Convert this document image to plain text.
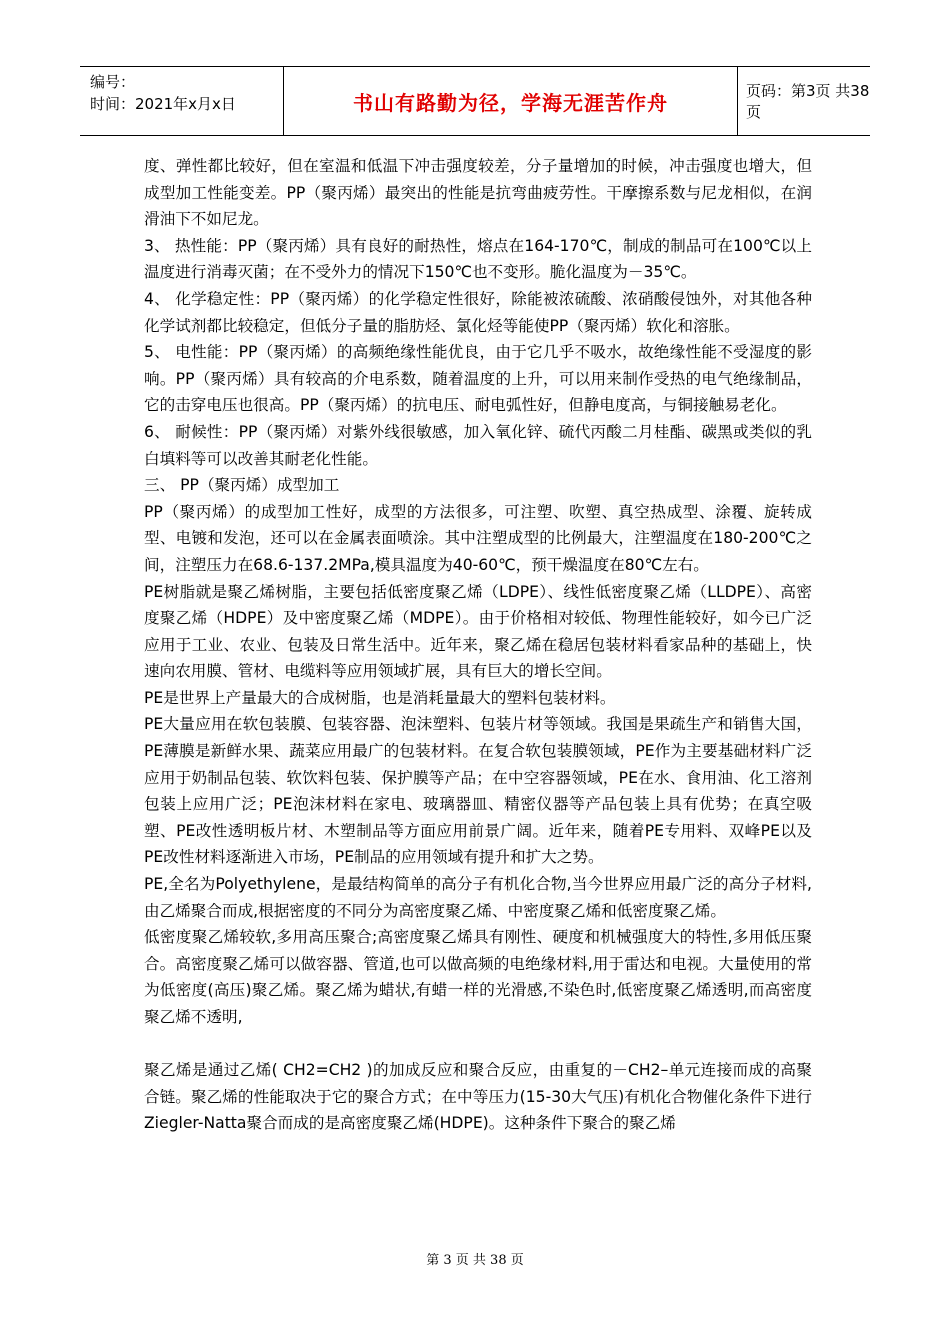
编号：
时间：2021年x月x日	书山有路勤为径，学海无涯苦作舟	页码：第3页 共38页

度、弹性都比较好，但在室温和低温下冲击强度较差，分子量增加的时候，冲击强度也增大，但成型加工性能变差。PP（聚丙烯）最突出的性能是抗弯曲疲劳性。干摩擦系数与尼龙相似，在润滑油下不如尼龙。

3、 热性能：PP（聚丙烯）具有良好的耐热性，熔点在164-170℃，制成的制品可在100℃以上温度进行消毒灭菌；在不受外力的情况下150℃也不变形。脆化温度为－35℃。

4、 化学稳定性：PP（聚丙烯）的化学稳定性很好，除能被浓硫酸、浓硝酸侵蚀外，对其他各种化学试剂都比较稳定，但低分子量的脂肪烃、氯化烃等能使PP（聚丙烯）软化和溶胀。

5、 电性能：PP（聚丙烯）的高频绝缘性能优良，由于它几乎不吸水，故绝缘性能不受湿度的影响。PP（聚丙烯）具有较高的介电系数，随着温度的上升，可以用来制作受热的电气绝缘制品，它的击穿电压也很高。PP（聚丙烯）的抗电压、耐电弧性好，但静电度高，与铜接触易老化。

6、 耐候性：PP（聚丙烯）对紫外线很敏感，加入氧化锌、硫代丙酸二月桂酯、碳黑或类似的乳白填料等可以改善其耐老化性能。

三、 PP（聚丙烯）成型加工

PP（聚丙烯）的成型加工性好，成型的方法很多，可注塑、吹塑、真空热成型、涂覆、旋转成型、电镀和发泡，还可以在金属表面喷涂。其中注塑成型的比例最大，注塑温度在180-200℃之间，注塑压力在68.6-137.2MPa,模具温度为40-60℃，预干燥温度在80℃左右。

PE树脂就是聚乙烯树脂，主要包括低密度聚乙烯（LDPE）、线性低密度聚乙烯（LLDPE）、高密度聚乙烯（HDPE）及中密度聚乙烯（MDPE）。由于价格相对较低、物理性能较好，如今已广泛应用于工业、农业、包装及日常生活中。近年来，聚乙烯在稳居包装材料看家品种的基础上，快速向农用膜、管材、电缆料等应用领域扩展，具有巨大的增长空间。

PE是世界上产量最大的合成树脂，也是消耗量最大的塑料包装材料。

PE大量应用在软包装膜、包装容器、泡沫塑料、包装片材等领域。我国是果疏生产和销售大国，PE薄膜是新鲜水果、蔬菜应用最广的包装材料。在复合软包装膜领域，PE作为主要基础材料广泛应用于奶制品包装、软饮料包装、保护膜等产品；在中空容器领域，PE在水、食用油、化工溶剂包装上应用广泛；PE泡沫材料在家电、玻璃器皿、精密仪器等产品包装上具有优势；在真空吸塑、PE改性透明板片材、木塑制品等方面应用前景广阔。近年来，随着PE专用料、双峰PE以及PE改性材料逐渐进入市场，PE制品的应用领域有提升和扩大之势。

PE,全名为Polyethylene，是最结构简单的高分子有机化合物,当今世界应用最广泛的高分子材料,由乙烯聚合而成,根据密度的不同分为高密度聚乙烯、中密度聚乙烯和低密度聚乙烯。

低密度聚乙烯较软,多用高压聚合;高密度聚乙烯具有刚性、硬度和机械强度大的特性,多用低压聚合。高密度聚乙烯可以做容器、管道,也可以做高频的电绝缘材料,用于雷达和电视。大量使用的常为低密度(高压)聚乙烯。聚乙烯为蜡状,有蜡一样的光滑感,不染色时,低密度聚乙烯透明,而高密度聚乙烯不透明,

聚乙烯是通过乙烯( CH2=CH2 )的加成反应和聚合反应，由重复的－CH2–单元连接而成的高聚合链。聚乙烯的性能取决于它的聚合方式；在中等压力(15-30大气压)有机化合物催化条件下进行Ziegler-Natta聚合而成的是高密度聚乙烯(HDPE)。这种条件下聚合的聚乙烯

第 3 页 共 38 页
